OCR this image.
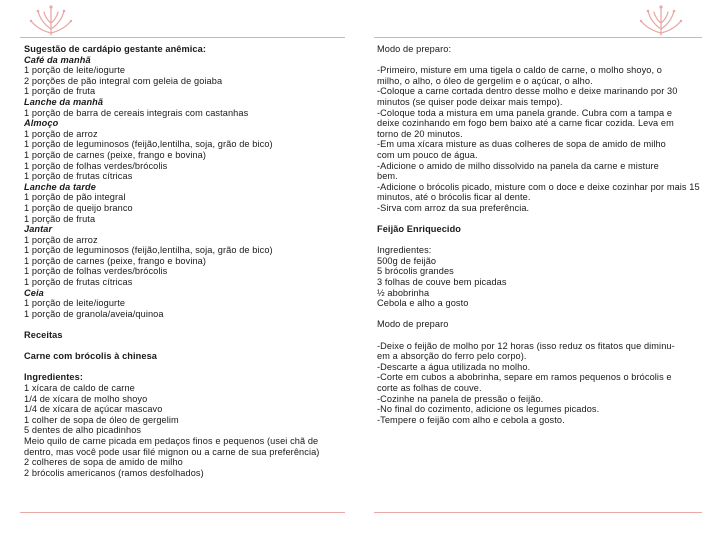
Sugestão de cardápio gestante anêmica:
Café da manhã
1 porção de leite/iogurte
2 porções de pão integral com geleia de goiaba
1 porção de fruta
Lanche da manhã
1 porção de barra de cereais integrais com castanhas
Almoço
1 porção de arroz
1 porção de leguminosos (feijão,lentilha, soja, grão de bico)
1 porção de carnes (peixe, frango e bovina)
1 porção de folhas verdes/brócolis
1 porção de frutas cítricas
Lanche da tarde
1 porção de pão integral
1 porção de queijo branco
1 porção de fruta
Jantar
1 porção de arroz
1 porção de leguminosos (feijão,lentilha, soja, grão de bico)
1 porção de carnes (peixe, frango e bovina)
1 porção de folhas verdes/brócolis
1 porção de frutas cítricas
Ceia
1 porção de leite/iogurte
1 porção de granola/aveia/quinoa
Receitas
Carne com brócolis à chinesa
Ingredientes:
1 xícara de caldo de carne
1/4 de xícara de molho shoyo
1/4 de xícara de açúcar mascavo
1 colher de sopa de óleo de gergelim
5 dentes de alho picadinhos
Meio quilo de carne picada em pedaços finos e pequenos (usei chã de
dentro, mas você pode usar filé mignon ou a carne de sua preferência)
2 colheres de sopa de amido de milho
2 brócolis americanos (ramos desfolhados)
Modo de preparo:
-Primeiro, misture em uma tigela o caldo de carne, o molho shoyo, o
milho, o alho, o óleo de gergelim e o açúcar, o alho.
-Coloque a carne cortada dentro desse molho e deixe marinando por 30
minutos (se quiser pode deixar mais tempo).
-Coloque toda a mistura em uma panela grande. Cubra com a tampa e
deixe cozinhando em fogo bem baixo até a carne ficar cozida. Leva em
torno de 20 minutos.
-Em uma xícara misture as duas colheres de sopa de amido de milho
com um pouco de água.
-Adicione o amido de milho dissolvido na panela da carne e misture
bem.
-Adicione o brócolis picado, misture com o doce e deixe cozinhar por mais 15
minutos, até o brócolis ficar al dente.
-Sirva com arroz da sua preferência.
Feijão Enriquecido
Ingredientes:
500g de feijão
5 brócolis grandes
3 folhas de couve bem picadas
½ abobrinha
Cebola e alho a gosto
Modo de preparo
-Deixe o feijão de molho por 12 horas (isso reduz os fitatos que diminu-
em a absorção do ferro pelo corpo).
-Descarte a água utilizada no molho.
-Corte em cubos a abobrinha, separe em ramos pequenos o brócolis e
corte as folhas de couve.
-Cozinhe na panela de pressão o feijão.
-No final do cozimento, adicione os legumes picados.
-Tempere o feijão com alho e cebola a gosto.
